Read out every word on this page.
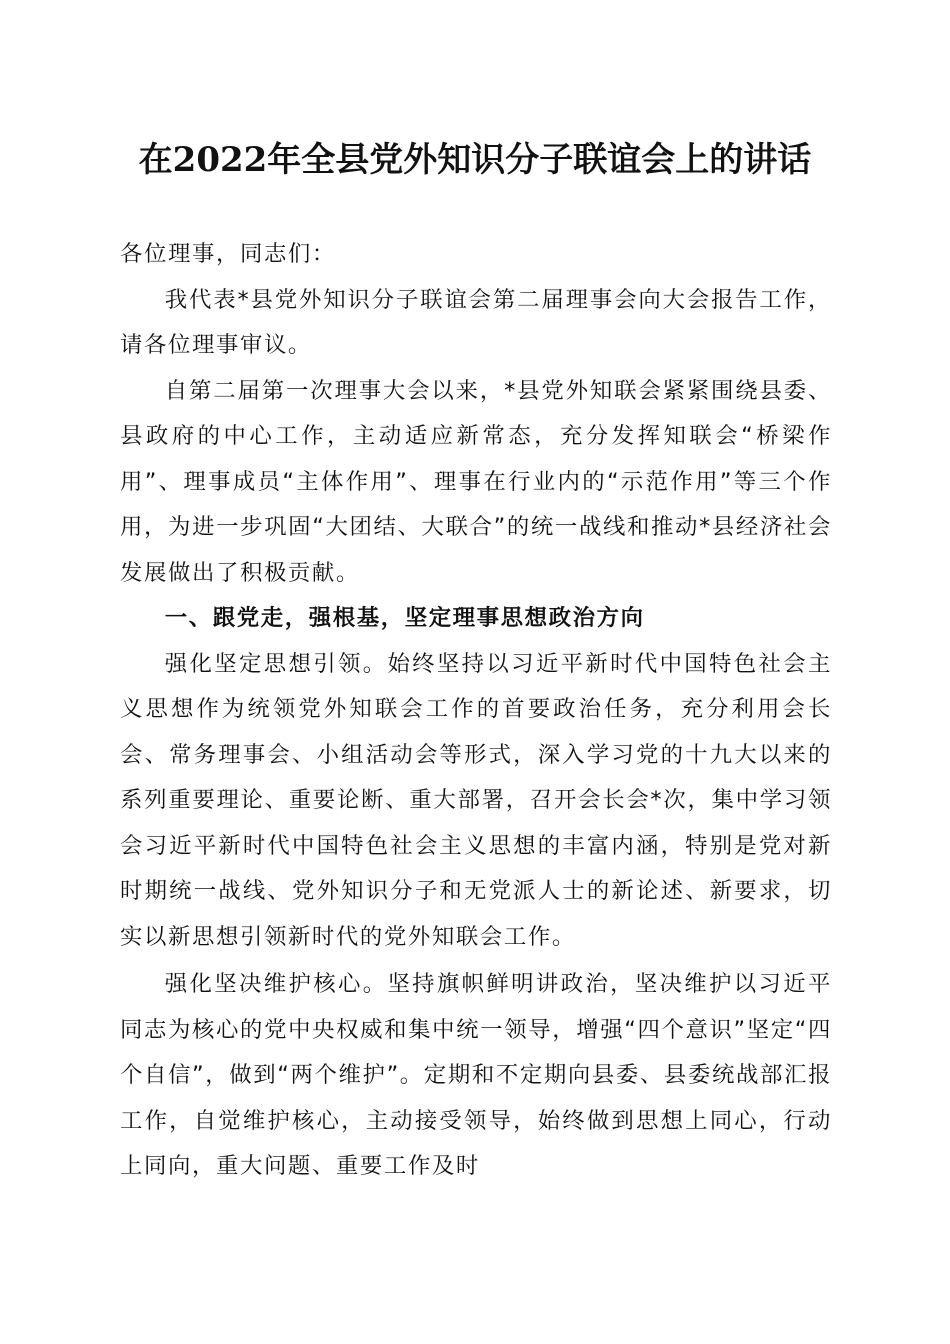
在2022年全县党外知识分子联谊会上的讲话

各位理事，同志们：

我代表*县党外知识分子联谊会第二届理事会向大会报告工作，请各位理事审议。

自第二届第一次理事大会以来，*县党外知联会紧紧围绕县委、县政府的中心工作，主动适应新常态，充分发挥知联会“桥梁作用”、理事成员“主体作用”、理事在行业内的“示范作用”等三个作用，为进一步巩固“大团结、大联合”的统一战线和推动*县经济社会发展做出了积极贡献。

一、跟党走，强根基，坚定理事思想政治方向

强化坚定思想引领。始终坚持以习近平新时代中国特色社会主义思想作为统领党外知联会工作的首要政治任务，充分利用会长会、常务理事会、小组活动会等形式，深入学习党的十九大以来的系列重要理论、重要论断、重大部署，召开会长会*次，集中学习领会习近平新时代中国特色社会主义思想的丰富内涵，特别是党对新时期统一战线、党外知识分子和无党派人士的新论述、新要求，切实以新思想引领新时代的党外知联会工作。

强化坚决维护核心。坚持旗帜鲜明讲政治，坚决维护以习近平同志为核心的党中央权威和集中统一领导，增强“四个意识”坚定“四个自信”，做到“两个维护”。定期和不定期向县委、县委统战部汇报工作，自觉维护核心，主动接受领导，始终做到思想上同心，行动上同向，重大问题、重要工作及时
